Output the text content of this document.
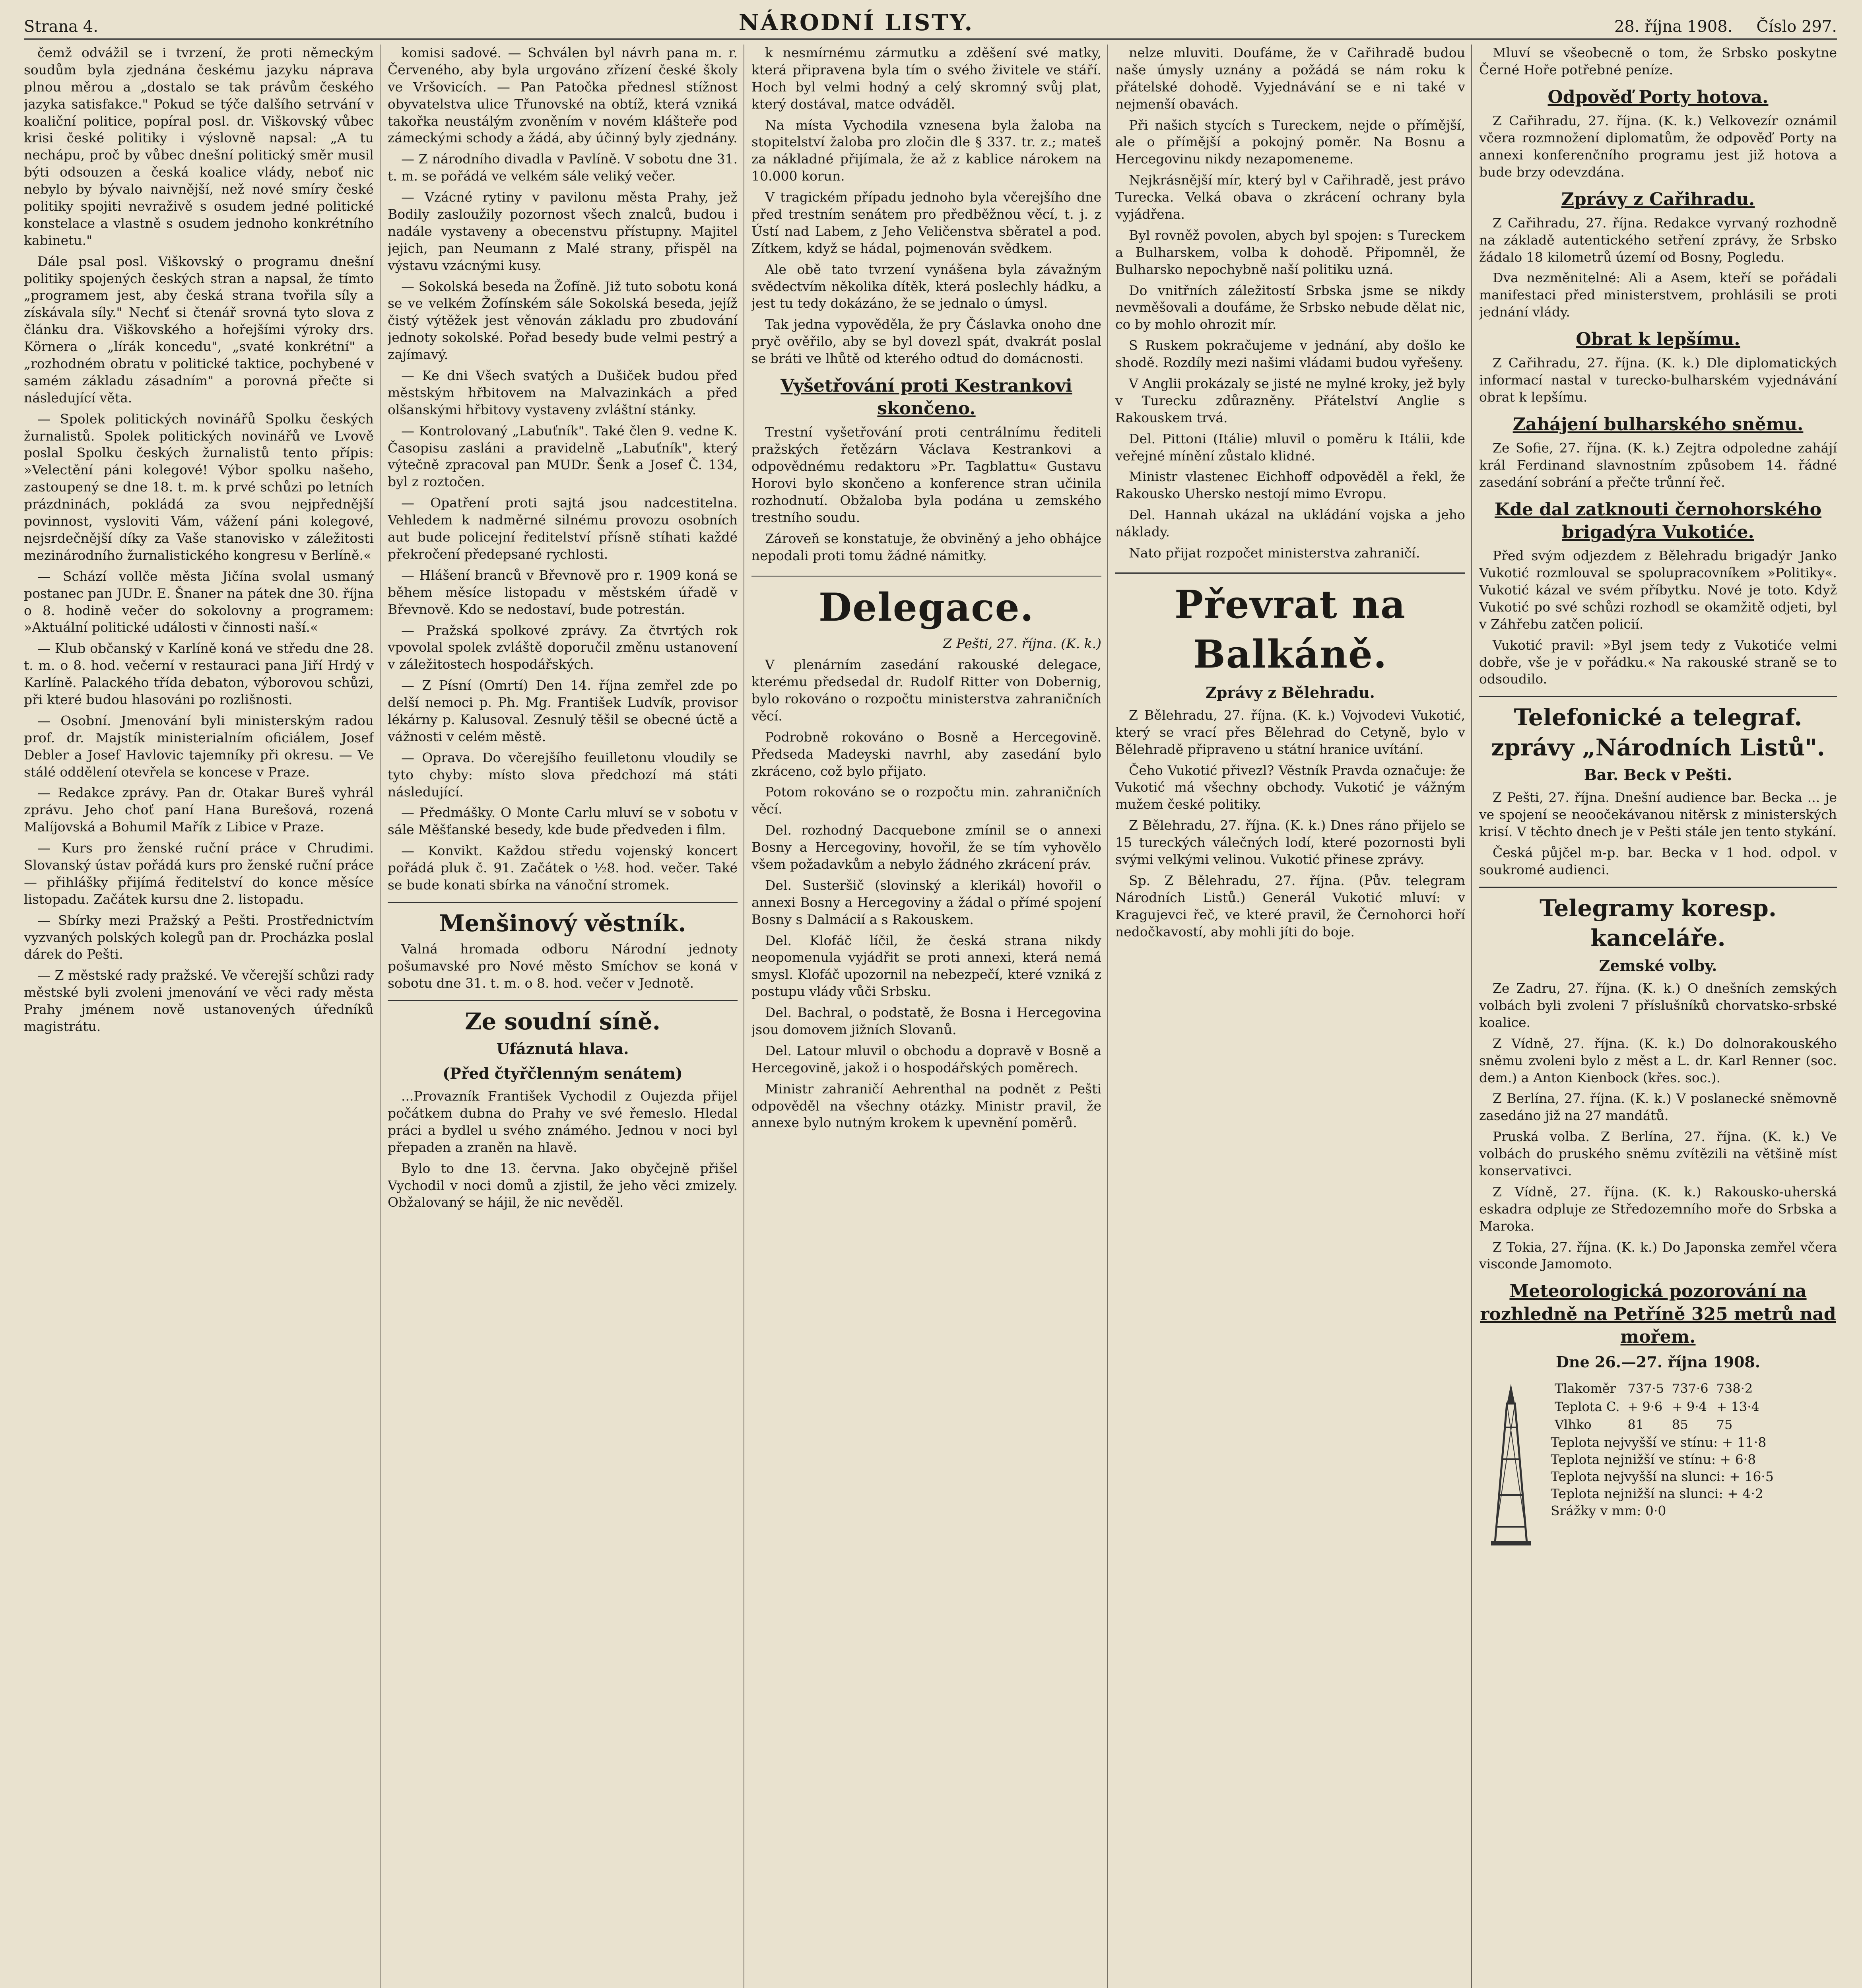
Strana 4.	NÁRODNÍ LISTY.	28. října 1908. Číslo 297.

čemž odvážil se i tvrzení, že proti německým soudům byla zjednána českému jazyku náprava plnou měrou a „dostalo se tak právům českého jazyka satisfakce." Pokud se týče dalšího setrvání v koaliční politice, popíral posl. dr. Viškovský vůbec krisi české politiky i výslovně napsal: „A tu nechápu, proč by vůbec dnešní politický směr musil býti odsouzen a česká koalice vlády, neboť nic nebylo by bývalo naivnější, než nové smíry české politiky spojiti nevraživě s osudem jedné politické konstelace a vlastně s osudem jednoho konkrétního kabinetu."

Dále psal posl. Viškovský o programu dnešní politiky spojených českých stran a napsal, že tímto „programem jest, aby česká strana tvořila síly a získávala síly." Nechť si čtenář srovná tyto slova z článku dra. Viškovského a hořejšími výroky drs. Körnera o „lírák koncedu", „svaté konkrétní" a „rozhodném obratu v politické taktice, pochybené v samém základu zásadním" a porovná přečte si následující věta.

— Spolek politických novinářů Spolku českých žurnalistů. Spolek politických novinářů ve Lvově poslal Spolku českých žurnalistů tento přípis: »Velectění páni kolegové! Výbor spolku našeho, zastoupený se dne 18. t. m. k prvé schůzi po letních prázdninách, pokládá za svou nejpřednější povinnost, vysloviti Vám, vážení páni kolegové, nejsrdečnější díky za Vaše stanovisko v záležitosti mezinárodního žurnalistického kongresu v Berlíně.«

— Schází vollče města Jičína svolal usmaný postanec pan JUDr. E. Šnaner na pátek dne 30. října o 8. hodině večer do sokolovny a programem: »Aktuální politické události v činnosti naší.«

— Klub občanský v Karlíně koná ve středu dne 28. t. m. o 8. hod. večerní v restauraci pana Jiří Hrdý v Karlíně. Palackého třída debaton, výborovou schůzi, při které budou hlasováni po rozlišnosti.

— Osobní. Jmenování byli ministerským radou prof. dr. Majstík ministerialním oficiálem, Josef Debler a Josef Havlovic tajemníky při okresu. — Ve stálé oddělení otevřela se koncese v Praze.

— Redakce zprávy. Pan dr. Otakar Bureš vyhrál zprávu. Jeho choť paní Hana Burešová, rozená Malíjovská a Bohumil Mařík z Libice v Praze.

— Kurs pro ženské ruční práce v Chrudimi. Slovanský ústav pořádá kurs pro ženské ruční práce — přihlášky přijímá ředitelství do konce měsíce listopadu. Začátek kursu dne 2. listopadu.

— Sbírky mezi Pražský a Pešti. Prostřednictvím vyzvaných polských kolegů pan dr. Procházka poslal dárek do Pešti.

— Z městské rady pražské. Ve včerejší schůzi rady městské byli zvoleni jmenování ve věci rady města Prahy jménem nově ustanovených úředníků magistrátu.

komisi sadové. — Schválen byl návrh pana m. r. Červeného, aby byla urgováno zřízení české školy ve Vršovicích. — Pan Patočka přednesl stížnost obyvatelstva ulice Třunovské na obtíž, která vzniká takořka neustálým zvoněním v novém klášteře pod zámeckými schody a žádá, aby účinný byly zjednány.

— Z národního divadla v Pavlíně. V sobotu dne 31. t. m. se pořádá ve velkém sále veliký večer.

— Vzácné rytiny v pavilonu města Prahy, jež Bodily zasloužily pozornost všech znalců, budou i nadále vystaveny a obecenstvu přístupny. Majitel jejich, pan Neumann z Malé strany, přispěl na výstavu vzácnými kusy.

— Sokolská beseda na Žofíně. Již tuto sobotu koná se ve velkém Žofínském sále Sokolská beseda, jejíž čistý výtěžek jest věnován základu pro zbudování jednoty sokolské. Pořad besedy bude velmi pestrý a zajímavý.

— Ke dni Všech svatých a Dušiček budou před městským hřbitovem na Malvazinkách a před olšanskými hřbitovy vystaveny zvláštní stánky.

— Kontrolovaný „Labuťník". Také člen 9. vedne K. Časopisu zasláni a pravidelně „Labuťník", který výtečně zpracoval pan MUDr. Šenk a Josef Č. 134, byl z roztočen.

— Opatření proti sajtá jsou nadcestitelna. Vehledem k nadměrné silnému provozu osobních aut bude policejní ředitelství přísně stíhati každé překročení předepsané rychlosti.

— Hlášení branců v Břevnově pro r. 1909 koná se během měsíce listopadu v městském úřadě v Břevnově. Kdo se nedostaví, bude potrestán.

— Pražská spolkové zprávy. Za čtvrtých rok vpovolal spolek zvláště doporučil změnu ustanovení v záležitostech hospodářských.

— Z Písní (Omrtí) Den 14. října zemřel zde po delší nemoci p. Ph. Mg. František Ludvík, provisor lékárny p. Kalusoval. Zesnulý těšil se obecné úctě a vážnosti v celém městě.

— Oprava. Do včerejšího feuilletonu vloudily se tyto chyby: místo slova předchozí má státi následující.

— Předmášky. O Monte Carlu mluví se v sobotu v sále Měšťanské besedy, kde bude předveden i film.

— Konvikt. Každou středu vojenský koncert pořádá pluk č. 91. Začátek o ½8. hod. večer. Také se bude konati sbírka na vánoční stromek.

Menšinový věstník.

Valná hromada odboru Národní jednoty pošumavské pro Nové město Smíchov se koná v sobotu dne 31. t. m. o 8. hod. večer v Jednotě.

Ze soudní síně.
Ufáznutá hlava.
(Před čtyřčlenným senátem)

...Provazník František Vychodil z Oujezda přijel počátkem dubna do Prahy ve své řemeslo. Hledal práci a bydlel u svého známého. Jednou v noci byl přepaden a zraněn na hlavě.

Bylo to dne 13. června. Jako obyčejně přišel Vychodil v noci domů a zjistil, že jeho věci zmizely. Obžalovaný se hájil, že nic nevěděl.

k nesmírnému zármutku a zděšení své matky, která připravena byla tím o svého živitele ve stáří. Hoch byl velmi hodný a celý skromný svůj plat, který dostával, matce odváděl.

Na místa Vychodila vznesena byla žaloba na stopitelství žaloba pro zločin dle § 337. tr. z.; mateš za nákladné přijímala, že až z kablice nárokem na 10.000 korun.

V tragickém případu jednoho byla včerejšího dne před trestním senátem pro předběžnou věcí, t. j. z Ústí nad Labem, z Jeho Veličenstva sběratel a pod. Zítkem, když se hádal, pojmenován svědkem.

Ale obě tato tvrzení vynášena byla závažným svědectvím několika dítěk, která poslechly hádku, a jest tu tedy dokázáno, že se jednalo o úmysl.

Tak jedna vypověděla, že pry Čáslavka onoho dne pryč ověřilo, aby se byl dovezl spát, dvakrát poslal se bráti ve lhůtě od kterého odtud do domácnosti.

Vyšetřování proti Kestrankovi skončeno.

Trestní vyšetřování proti centrálnímu řediteli pražských řetězárn Václava Kestrankovi a odpovědnému redaktoru »Pr. Tagblattu« Gustavu Horovi bylo skončeno a konference stran učinila rozhodnutí. Obžaloba byla podána u zemského trestního soudu.

Zároveň se konstatuje, že obviněný a jeho obhájce nepodali proti tomu žádné námitky.

Delegace.
Z Pešti, 27. října. (K. k.)

V plenárním zasedání rakouské delegace, kterému předsedal dr. Rudolf Ritter von Dobernig, bylo rokováno o rozpočtu ministerstva zahraničních věcí.

Podrobně rokováno o Bosně a Hercegovině. Předseda Madeyski navrhl, aby zasedání bylo zkráceno, což bylo přijato.

Potom rokováno se o rozpočtu min. zahraničních věcí.

Del. rozhodný Dacquebone zmínil se o annexi Bosny a Hercegoviny, hovořil, že se tím vyhovělo všem požadavkům a nebylo žádného zkrácení práv.

Del. Susteršič (slovinský a klerikál) hovořil o annexi Bosny a Hercegoviny a žádal o přímé spojení Bosny s Dalmácií a s Rakouskem.

Del. Klofáč líčil, že česká strana nikdy neopomenula vyjádřit se proti annexi, která nemá smysl. Klofáč upozornil na nebezpečí, které vzniká z postupu vlády vůči Srbsku.

Del. Bachral, o podstatě, že Bosna i Hercegovina jsou domovem jižních Slovanů.

Del. Latour mluvil o obchodu a dopravě v Bosně a Hercegovině, jakož i o hospodářských poměrech.

Ministr zahraničí Aehrenthal na podnět z Pešti odpověděl na všechny otázky. Ministr pravil, že annexe bylo nutným krokem k upevnění poměrů.

nelze mluviti. Doufáme, že v Cařihradě budou naše úmysly uznány a požádá se nám roku k přátelské dohodě. Vyjednávání se e ni také v nejmenší obavách.

Při našich stycích s Tureckem, nejde o přímější, ale o přímější a pokojný poměr. Na Bosnu a Hercegovinu nikdy nezapomeneme.

Nejkrásnější mír, který byl v Cařihradě, jest právo Turecka. Velká obava o zkrácení ochrany byla vyjádřena.

Byl rovněž povolen, abych byl spojen: s Tureckem a Bulharskem, volba k dohodě. Připomněl, že Bulharsko nepochybně naší politiku uzná.

Do vnitřních záležitostí Srbska jsme se nikdy nevměšovali a doufáme, že Srbsko nebude dělat nic, co by mohlo ohrozit mír.

S Ruskem pokračujeme v jednání, aby došlo ke shodě. Rozdíly mezi našimi vládami budou vyřešeny.

V Anglii prokázaly se jisté ne mylné kroky, jež byly v Turecku zdůrazněny. Přátelství Anglie s Rakouskem trvá.

Del. Pittoni (Itálie) mluvil o poměru k Itálii, kde veřejné mínění zůstalo klidné.

Ministr vlastenec Eichhoff odpověděl a řekl, že Rakousko Uhersko nestojí mimo Evropu.

Del. Hannah ukázal na ukládání vojska a jeho náklady.

Nato přijat rozpočet ministerstva zahraničí.

Převrat na Balkáně.
Zprávy z Bělehradu.

Z Bělehradu, 27. října. (K. k.) Vojvodevi Vukotić, který se vrací přes Bělehrad do Cetyně, bylo v Bělehradě připraveno u státní hranice uvítání.

Čeho Vukotić přivezl? Věstník Pravda označuje: že Vukotić má všechny obchody. Vukotić je vážným mužem české politiky.

Z Bělehradu, 27. října. (K. k.) Dnes ráno přijelo se 15 tureckých válečných lodí, které pozornosti byli svými velkými velinou. Vukotić přinese zprávy.

Sp. Z Bělehradu, 27. října. (Pův. telegram Národních Listů.) Generál Vukotić mluví: v Kragujevci řeč, ve které pravil, že Černohorci hoří nedočkavostí, aby mohli jíti do boje.

Mluví se všeobecně o tom, že Srbsko poskytne Černé Hoře potřebné peníze.

Odpověď Porty hotova.

Z Cařihradu, 27. října. (K. k.) Velkovezír oznámil včera rozmnožení diplomatům, že odpověď Porty na annexi konferenčního programu jest již hotova a bude brzy odevzdána.

Zprávy z Cařihradu.

Z Cařihradu, 27. října. Redakce vyrvaný rozhodně na základě autentického setření zprávy, že Srbsko žádalo 18 kilometrů území od Bosny, Pogledu.

Dva nezměnitelné: Ali a Asem, kteří se pořádali manifestaci před ministerstvem, prohlásili se proti jednání vlády.

Obrat k lepšímu.

Z Cařihradu, 27. října. (K. k.) Dle diplomatických informací nastal v turecko-bulharském vyjednávání obrat k lepšímu.

Zahájení bulharského sněmu.

Ze Sofie, 27. října. (K. k.) Zejtra odpoledne zahájí král Ferdinand slavnostním způsobem 14. řádné zasedání sobrání a přečte trůnní řeč.

Kde dal zatknouti černohorského brigadýra Vukotiće.

Před svým odjezdem z Bělehradu brigadýr Janko Vukotić rozmlouval se spolupracovníkem »Politiky«. Vukotić kázal ve svém příbytku. Nové je toto. Když Vukotić po své schůzi rozhodl se okamžitě odjeti, byl v Záhřebu zatčen policií.

Vukotić pravil: »Byl jsem tedy z Vukotiće velmi dobře, vše je v pořádku.« Na rakouské straně se to odsoudilo.

Telefonické a telegraf. zprávy „Národních Listů".
Bar. Beck v Pešti.

Z Pešti, 27. října. Dnešní audience bar. Becka ... je ve spojení se neoočekávanou nitěrsk z ministerských krisí. V těchto dnech je v Pešti stále jen tento stykání.

Česká půjčel m-p. bar. Becka v 1 hod. odpol. v soukromé audienci.

Telegramy koresp. kanceláře.
Zemské volby.

Ze Zadru, 27. října. (K. k.) O dnešních zemských volbách byli zvoleni 7 příslušníků chorvatsko-srbské koalice.

Z Vídně, 27. října. (K. k.) Do dolnorakouského sněmu zvoleni bylo z měst a L. dr. Karl Renner (soc. dem.) a Anton Kienbock (křes. soc.).

Z Berlína, 27. října. (K. k.) V poslanecké sněmovně zasedáno již na 27 mandátů.

Pruská volba. Z Berlína, 27. října. (K. k.) Ve volbách do pruského sněmu zvítězili na většině míst konservativci.

Z Vídně, 27. října. (K. k.) Rakousko-uherská eskadra odpluje ze Středozemního moře do Srbska a Maroka.

Z Tokia, 27. října. (K. k.) Do Japonska zemřel včera visconde Jamomoto.

Meteorologická pozorování na rozhledně na Petříně 325 metrů nad mořem.
Dne 26.—27. října 1908.
Tlakoměr	737·5	737·6	738·2
Teplota C.	+ 9·6	+ 9·4	+ 13·4
Vlhko	81	85	75
Teplota nejvyšší ve stínu: + 11·8
Teplota nejnižší ve stínu: + 6·8
Teplota nejvyšší na slunci: + 16·5
Teplota nejnižší na slunci: + 4·2
Srážky v mm: 0·0
